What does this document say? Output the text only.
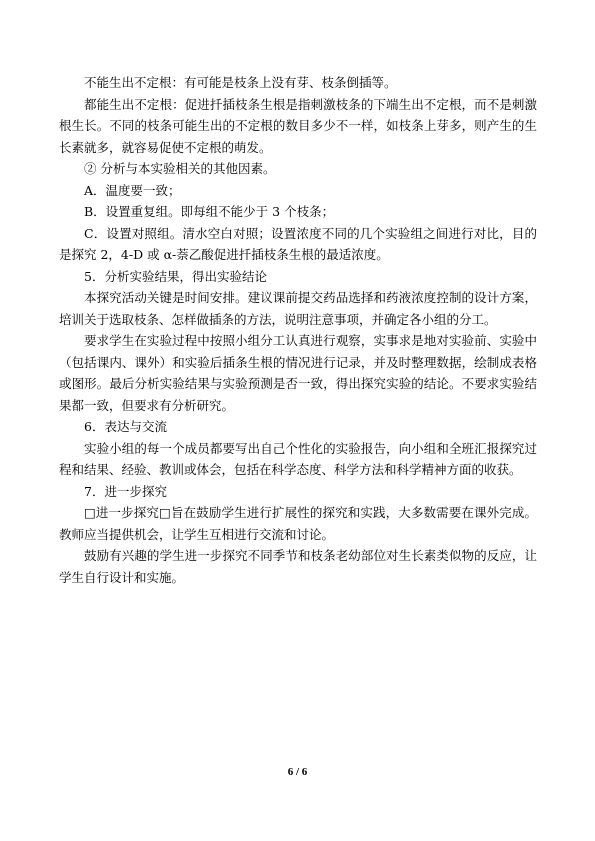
不能生出不定根：有可能是枝条上没有芽、枝条倒插等。

都能生出不定根：促进扦插枝条生根是指刺激枝条的下端生出不定根，而不是刺激根生长。不同的枝条可能生出的不定根的数目多少不一样，如枝条上芽多，则产生的生长素就多，就容易促使不定根的萌发。

② 分析与本实验相关的其他因素。

A．温度要一致；

B．设置重复组。即每组不能少于 3 个枝条；

C．设置对照组。清水空白对照；设置浓度不同的几个实验组之间进行对比，目的是探究 2，4-D 或 α-萘乙酸促进扦插枝条生根的最适浓度。

5．分析实验结果，得出实验结论

本探究活动关键是时间安排。建议课前提交药品选择和药液浓度控制的设计方案，培训关于选取枝条、怎样做插条的方法，说明注意事项，并确定各小组的分工。

要求学生在实验过程中按照小组分工认真进行观察，实事求是地对实验前、实验中（包括课内、课外）和实验后插条生根的情况进行记录，并及时整理数据，绘制成表格或图形。最后分析实验结果与实验预测是否一致，得出探究实验的结论。不要求实验结果都一致，但要求有分析研究。

6．表达与交流

实验小组的每一个成员都要写出自己个性化的实验报告，向小组和全班汇报探究过程和结果、经验、教训或体会，包括在科学态度、科学方法和科学精神方面的收获。

7．进一步探究

□进一步探究□旨在鼓励学生进行扩展性的探究和实践，大多数需要在课外完成。教师应当提供机会，让学生互相进行交流和讨论。

鼓励有兴趣的学生进一步探究不同季节和枝条老幼部位对生长素类似物的反应，让学生自行设计和实施。

6 / 6
